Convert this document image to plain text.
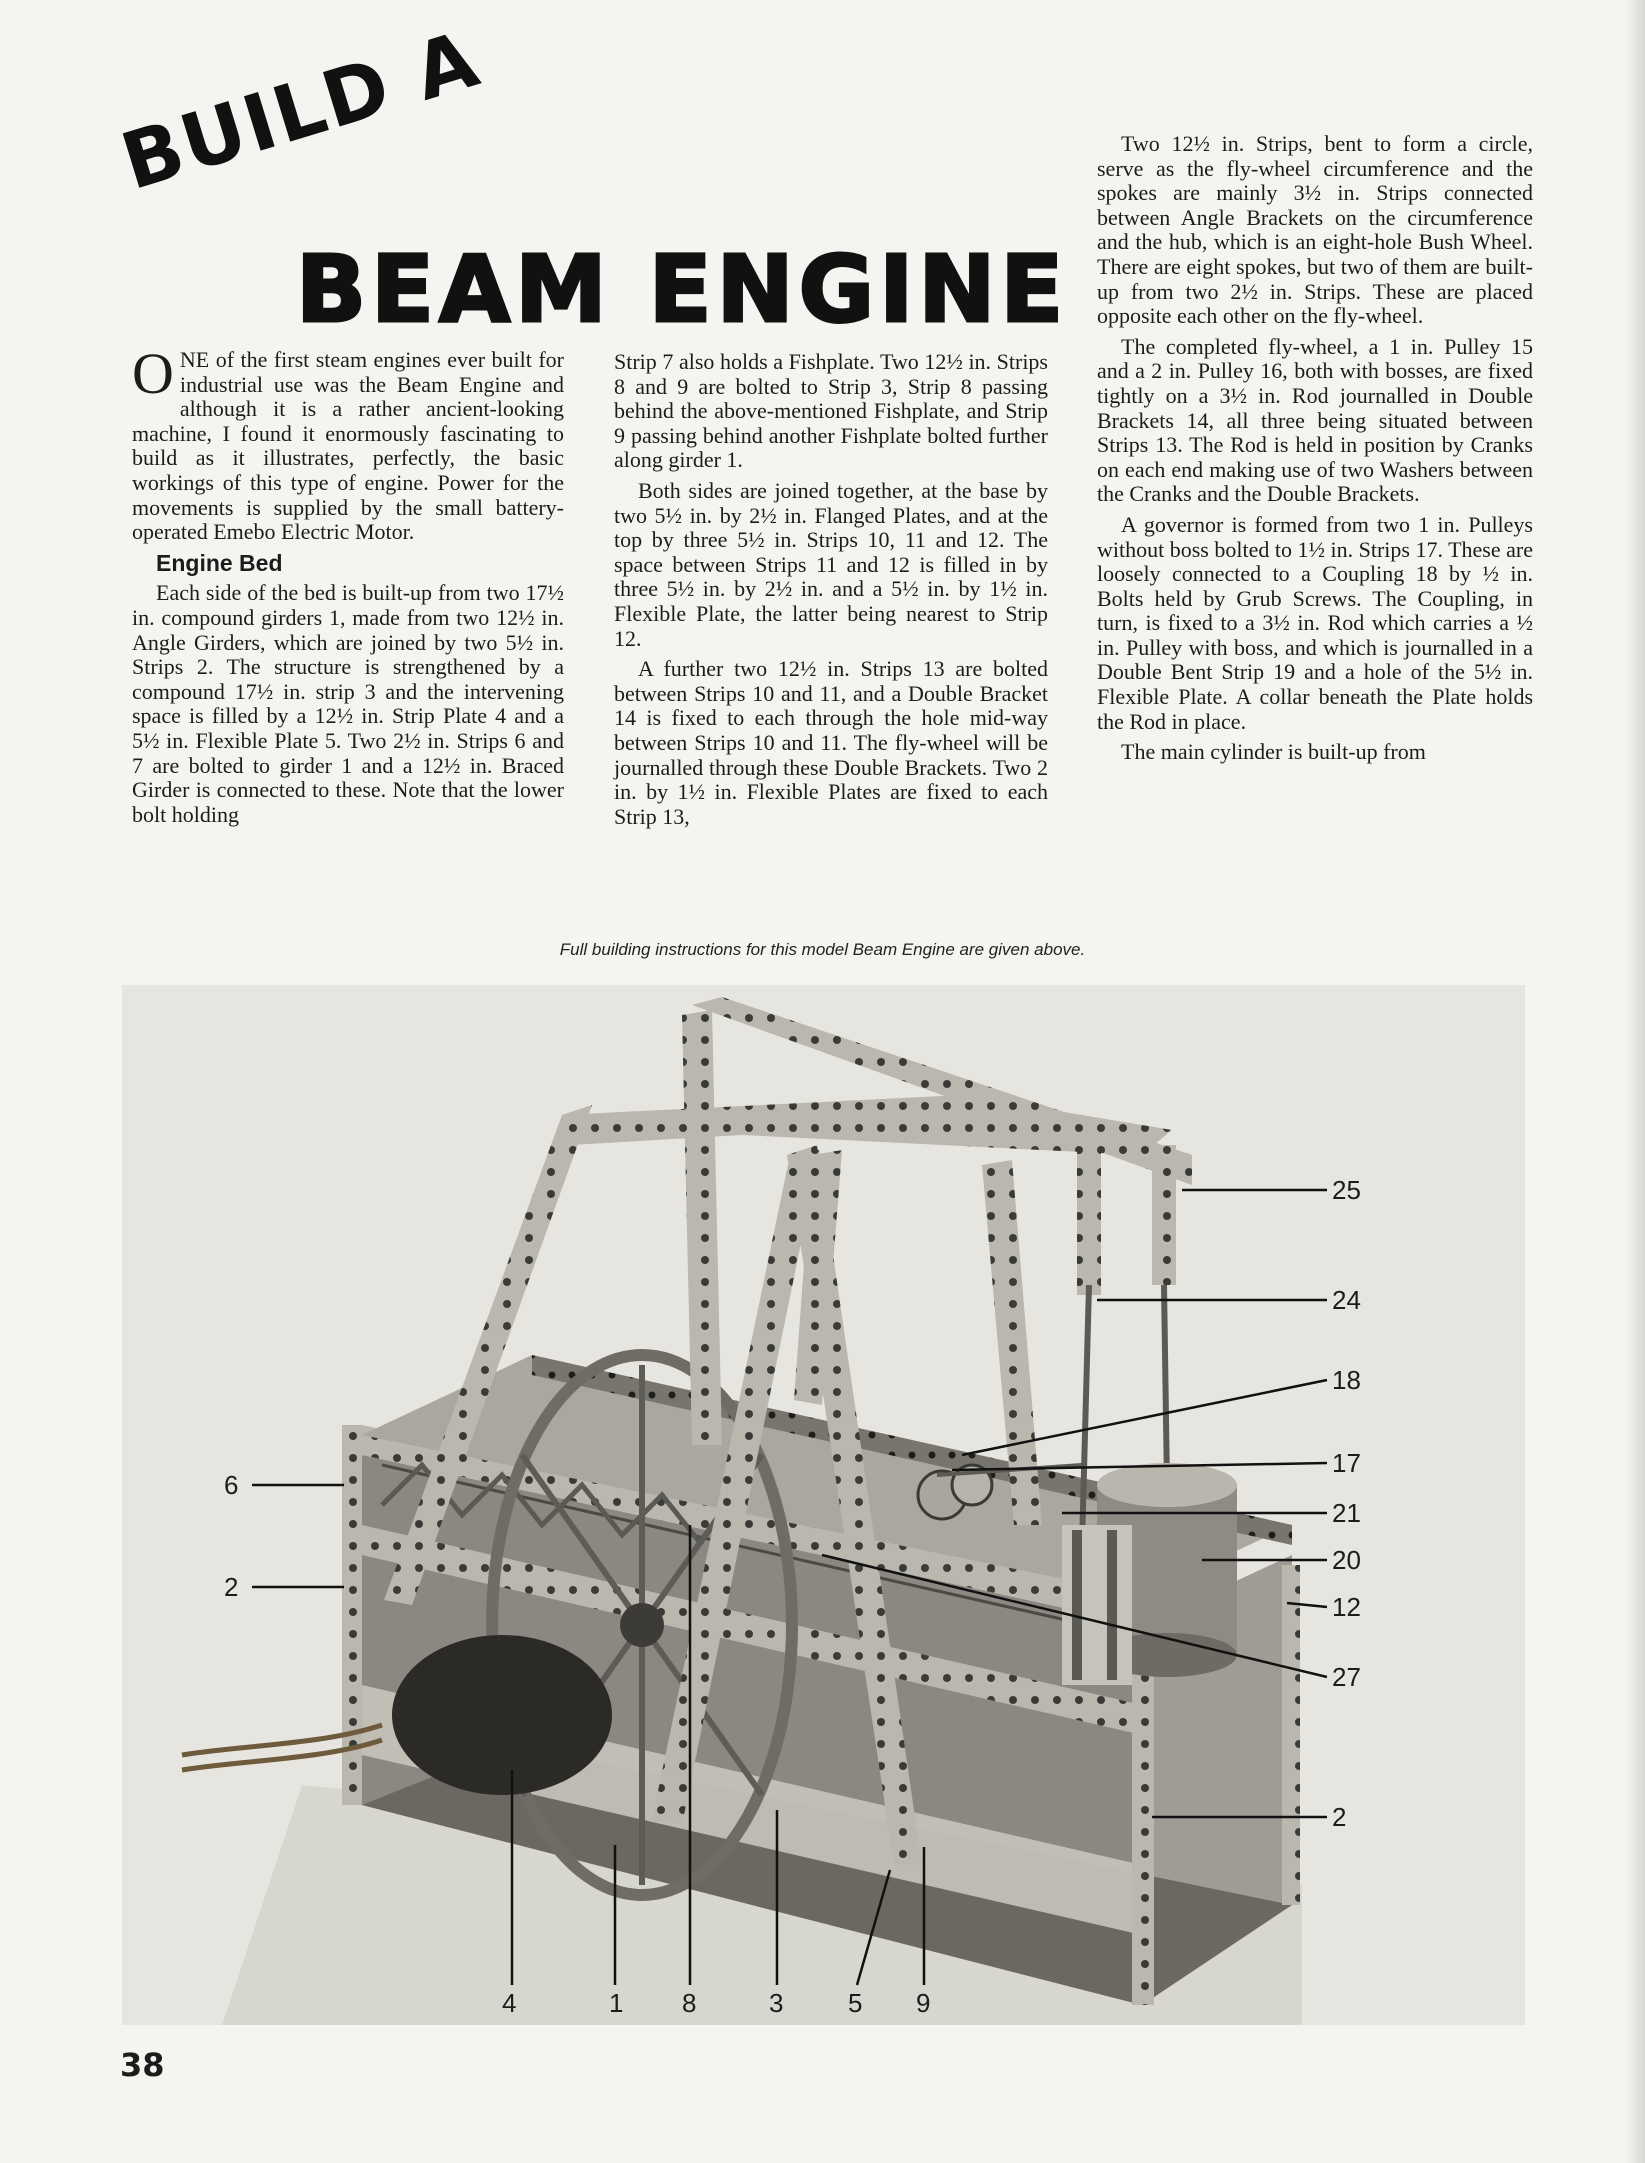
BUILD A
BEAM ENGINE

ONE of the first steam engines ever built for industrial use was the Beam Engine and although it is a rather ancient-looking machine, I found it enormously fascinating to build as it illustrates, perfectly, the basic workings of this type of engine. Power for the movements is supplied by the small battery-operated Emebo Electric Motor.

Engine Bed

Each side of the bed is built-up from two 17½ in. compound girders 1, made from two 12½ in. Angle Girders, which are joined by two 5½ in. Strips 2. The structure is strengthened by a compound 17½ in. strip 3 and the intervening space is filled by a 12½ in. Strip Plate 4 and a 5½ in. Flexible Plate 5. Two 2½ in. Strips 6 and 7 are bolted to girder 1 and a 12½ in. Braced Girder is connected to these. Note that the lower bolt holding

Strip 7 also holds a Fishplate. Two 12½ in. Strips 8 and 9 are bolted to Strip 3, Strip 8 passing behind the above-mentioned Fishplate, and Strip 9 passing behind another Fishplate bolted further along girder 1.

Both sides are joined together, at the base by two 5½ in. by 2½ in. Flanged Plates, and at the top by three 5½ in. Strips 10, 11 and 12. The space between Strips 11 and 12 is filled in by three 5½ in. by 2½ in. and a 5½ in. by 1½ in. Flexible Plate, the latter being nearest to Strip 12.

A further two 12½ in. Strips 13 are bolted between Strips 10 and 11, and a Double Bracket 14 is fixed to each through the hole mid-way between Strips 10 and 11. The fly-wheel will be journalled through these Double Brackets. Two 2 in. by 1½ in. Flexible Plates are fixed to each Strip 13,

Two 12½ in. Strips, bent to form a circle, serve as the fly-wheel circumference and the spokes are mainly 3½ in. Strips connected between Angle Brackets on the circumference and the hub, which is an eight-hole Bush Wheel. There are eight spokes, but two of them are built-up from two 2½ in. Strips. These are placed opposite each other on the fly-wheel.

The completed fly-wheel, a 1 in. Pulley 15 and a 2 in. Pulley 16, both with bosses, are fixed tightly on a 3½ in. Rod journalled in Double Brackets 14, all three being situated between Strips 13. The Rod is held in position by Cranks on each end making use of two Washers between the Cranks and the Double Brackets.

A governor is formed from two 1 in. Pulleys without boss bolted to 1½ in. Strips 17. These are loosely connected to a Coupling 18 by ½ in. Bolts held by Grub Screws. The Coupling, in turn, is fixed to a 3½ in. Rod which carries a ½ in. Pulley with boss, and which is journalled in a Double Bent Strip 19 and a hole of the 5½ in. Flexible Plate. A collar beneath the Plate holds the Rod in place.

The main cylinder is built-up from

Full building instructions for this model Beam Engine are given above.
25
24
18
17
21
20
12
27
2
6
2
4	1 8	3 5 9
38
